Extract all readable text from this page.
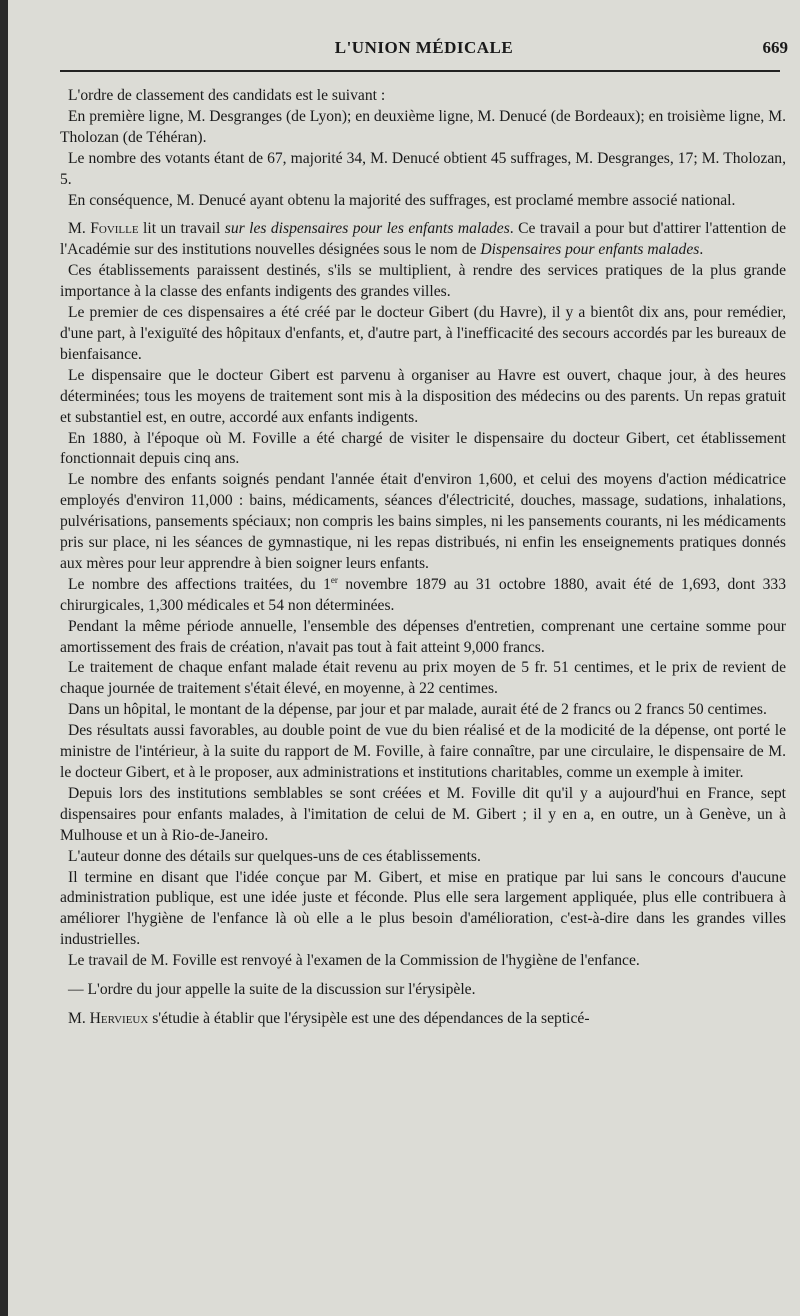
L'UNION MÉDICALE	669

L'ordre de classement des candidats est le suivant :

En première ligne, M. Desgranges (de Lyon); en deuxième ligne, M. Denucé (de Bordeaux); en troisième ligne, M. Tholozan (de Téhéran).

Le nombre des votants étant de 67, majorité 34, M. Denucé obtient 45 suffrages, M. Desgranges, 17; M. Tholozan, 5.

En conséquence, M. Denucé ayant obtenu la majorité des suffrages, est proclamé membre associé national.

M. Foville lit un travail sur les dispensaires pour les enfants malades. Ce travail a pour but d'attirer l'attention de l'Académie sur des institutions nouvelles désignées sous le nom de Dispensaires pour enfants malades.

Ces établissements paraissent destinés, s'ils se multiplient, à rendre des services pratiques de la plus grande importance à la classe des enfants indigents des grandes villes.

Le premier de ces dispensaires a été créé par le docteur Gibert (du Havre), il y a bientôt dix ans, pour remédier, d'une part, à l'exiguïté des hôpitaux d'enfants, et, d'autre part, à l'inefficacité des secours accordés par les bureaux de bienfaisance.

Le dispensaire que le docteur Gibert est parvenu à organiser au Havre est ouvert, chaque jour, à des heures déterminées; tous les moyens de traitement sont mis à la disposition des médecins ou des parents. Un repas gratuit et substantiel est, en outre, accordé aux enfants indigents.

En 1880, à l'époque où M. Foville a été chargé de visiter le dispensaire du docteur Gibert, cet établissement fonctionnait depuis cinq ans.

Le nombre des enfants soignés pendant l'année était d'environ 1,600, et celui des moyens d'action médicatrice employés d'environ 11,000 : bains, médicaments, séances d'électricité, douches, massage, sudations, inhalations, pulvérisations, pansements spéciaux; non compris les bains simples, ni les pansements courants, ni les médicaments pris sur place, ni les séances de gymnastique, ni les repas distribués, ni enfin les enseignements pratiques donnés aux mères pour leur apprendre à bien soigner leurs enfants.

Le nombre des affections traitées, du 1er novembre 1879 au 31 octobre 1880, avait été de 1,693, dont 333 chirurgicales, 1,300 médicales et 54 non déterminées.

Pendant la même période annuelle, l'ensemble des dépenses d'entretien, comprenant une certaine somme pour amortissement des frais de création, n'avait pas tout à fait atteint 9,000 francs.

Le traitement de chaque enfant malade était revenu au prix moyen de 5 fr. 51 centimes, et le prix de revient de chaque journée de traitement s'était élevé, en moyenne, à 22 centimes.

Dans un hôpital, le montant de la dépense, par jour et par malade, aurait été de 2 francs ou 2 francs 50 centimes.

Des résultats aussi favorables, au double point de vue du bien réalisé et de la modicité de la dépense, ont porté le ministre de l'intérieur, à la suite du rapport de M. Foville, à faire connaître, par une circulaire, le dispensaire de M. le docteur Gibert, et à le proposer, aux administrations et institutions charitables, comme un exemple à imiter.

Depuis lors des institutions semblables se sont créées et M. Foville dit qu'il y a aujourd'hui en France, sept dispensaires pour enfants malades, à l'imitation de celui de M. Gibert ; il y en a, en outre, un à Genève, un à Mulhouse et un à Rio-de-Janeiro.

L'auteur donne des détails sur quelques-uns de ces établissements.

Il termine en disant que l'idée conçue par M. Gibert, et mise en pratique par lui sans le concours d'aucune administration publique, est une idée juste et féconde. Plus elle sera largement appliquée, plus elle contribuera à améliorer l'hygiène de l'enfance là où elle a le plus besoin d'amélioration, c'est-à-dire dans les grandes villes industrielles.

Le travail de M. Foville est renvoyé à l'examen de la Commission de l'hygiène de l'enfance.

— L'ordre du jour appelle la suite de la discussion sur l'érysipèle.

M. Hervieux s'étudie à établir que l'érysipèle est une des dépendances de la septicé-
